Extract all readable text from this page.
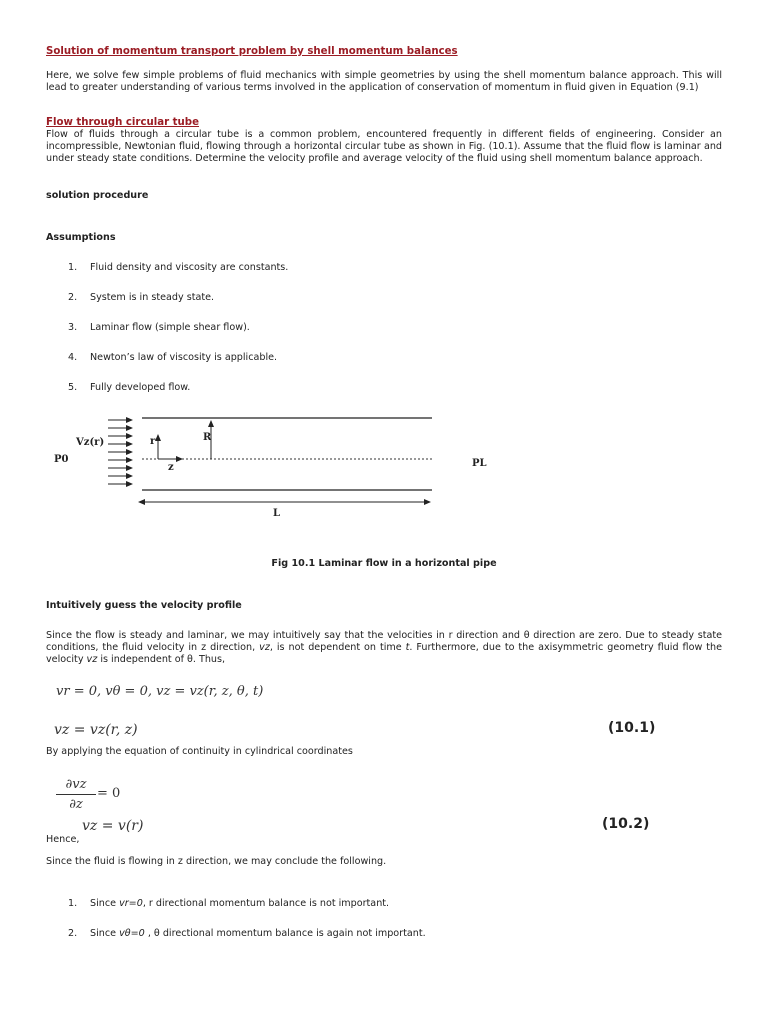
Solution of momentum transport problem by shell momentum balances
Here, we solve few simple problems of fluid mechanics with simple geometries by using the shell momentum balance approach. This will lead to greater understanding of various terms involved in the application of conservation of momentum in fluid given in Equation (9.1)
Flow through circular tube
Flow of fluids through a circular tube is a common problem, encountered frequently in different fields of engineering. Consider an incompressible, Newtonian fluid, flowing through a horizontal circular tube as shown in Fig. (10.1). Assume that the fluid flow is laminar and under steady state conditions. Determine the velocity profile and average velocity of the fluid using shell momentum balance approach.
solution procedure
Assumptions
1. Fluid density and viscosity are constants.
2. System is in steady state.
3. Laminar flow (simple shear flow).
4. Newton’s law of viscosity is applicable.
5. Fully developed flow.
Vz(r)
P0	PL
r	R
z
L
Fig 10.1 Laminar flow in a horizontal pipe
Intuitively guess the velocity profile
Since the flow is steady and laminar, we may intuitively say that the velocities in r direction and θ direction are zero. Due to steady state conditions, the fluid velocity in z direction, vz, is not dependent on time t. Furthermore, due to the axisymmetric geometry fluid flow the velocity vz is independent of θ. Thus,
vr = 0, vθ = 0, vz = vz(r, z, θ, t)
vz = vz(r, z)	(10.1)
By applying the equation of continuity in cylindrical coordinates
$\frac{\partial vz}{\partial z} = 0$
Hence,
vz = v(r)	(10.2)
Since the fluid is flowing in z direction, we may conclude the following.
1. Since vr=0, r directional momentum balance is not important.
2. Since vθ=0 , θ directional momentum balance is again not important.
